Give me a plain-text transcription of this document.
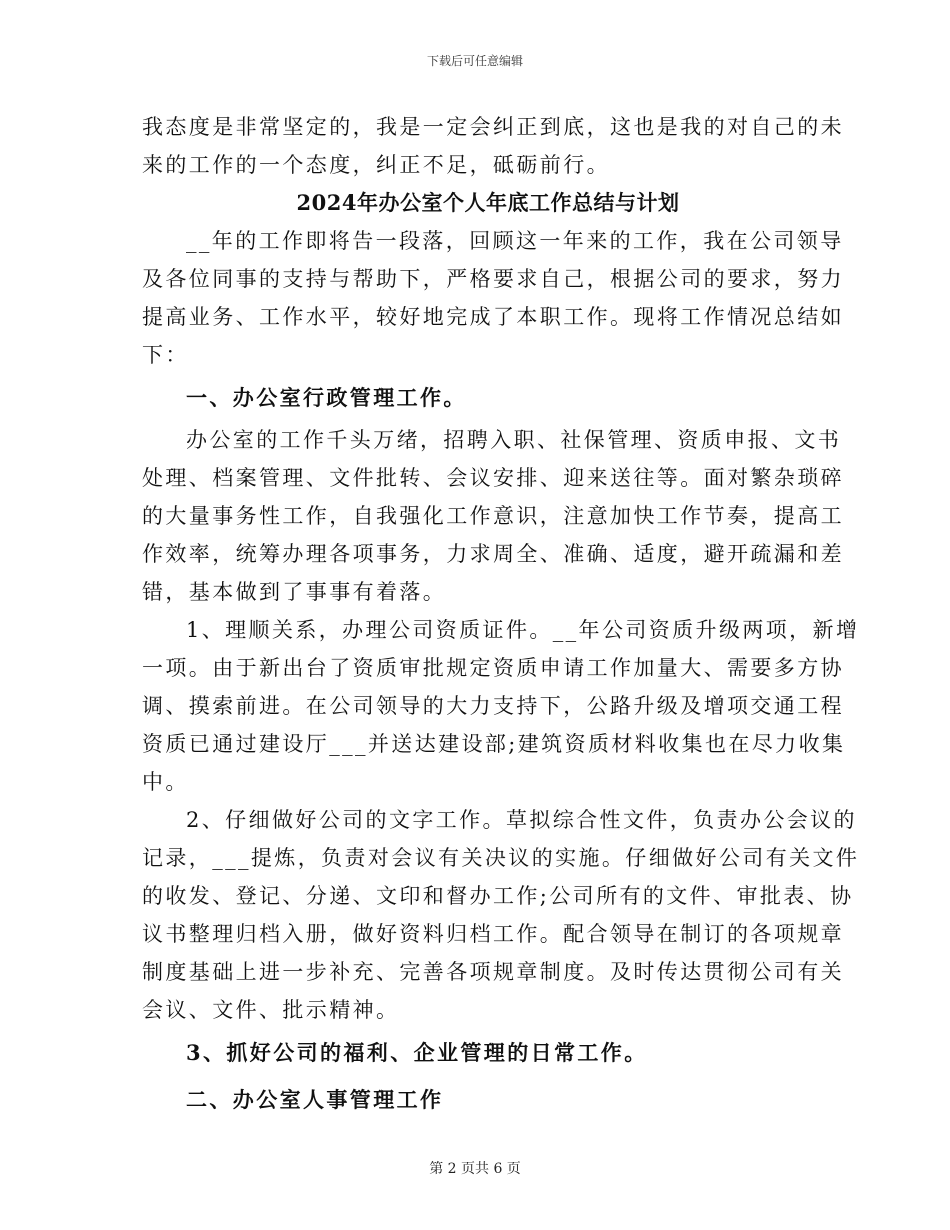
下载后可任意编辑
我态度是非常坚定的，我是一定会纠正到底，这也是我的对自己的未
来的工作的一个态度，纠正不足，砥砺前行。
2024年办公室个人年底工作总结与计划
__年的工作即将告一段落，回顾这一年来的工作，我在公司领导
及各位同事的支持与帮助下，严格要求自己，根据公司的要求，努力
提高业务、工作水平，较好地完成了本职工作。现将工作情况总结如
下：
一、办公室行政管理工作。
办公室的工作千头万绪，招聘入职、社保管理、资质申报、文书
处理、档案管理、文件批转、会议安排、迎来送往等。面对繁杂琐碎
的大量事务性工作，自我强化工作意识，注意加快工作节奏，提高工
作效率，统筹办理各项事务，力求周全、准确、适度，避开疏漏和差
错，基本做到了事事有着落。
1、理顺关系，办理公司资质证件。__年公司资质升级两项，新增
一项。由于新出台了资质审批规定资质申请工作加量大、需要多方协
调、摸索前进。在公司领导的大力支持下，公路升级及增项交通工程
资质已通过建设厅___并送达建设部;建筑资质材料收集也在尽力收集
中。
2、仔细做好公司的文字工作。草拟综合性文件，负责办公会议的
记录，___提炼，负责对会议有关决议的实施。仔细做好公司有关文件
的收发、登记、分递、文印和督办工作;公司所有的文件、审批表、协
议书整理归档入册，做好资料归档工作。配合领导在制订的各项规章
制度基础上进一步补充、完善各项规章制度。及时传达贯彻公司有关
会议、文件、批示精神。
3、抓好公司的福利、企业管理的日常工作。
二、办公室人事管理工作
第 2 页共 6 页
